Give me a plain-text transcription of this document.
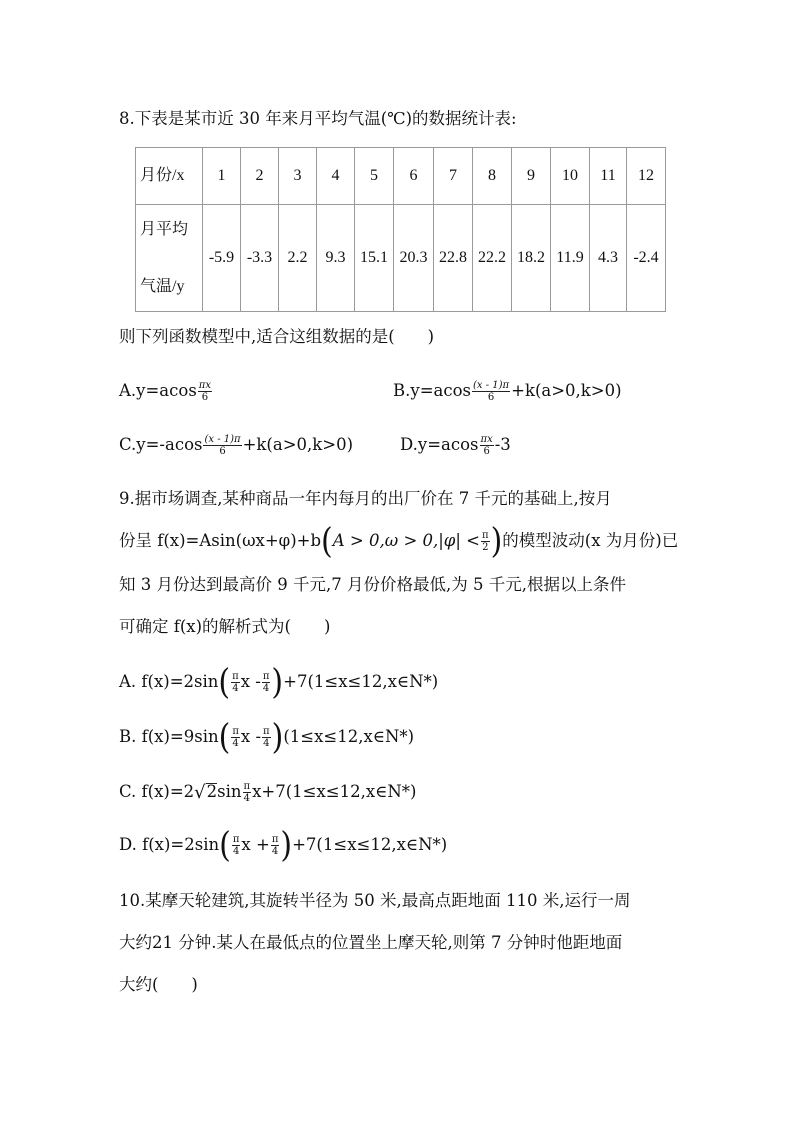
8.下表是某市近 30 年来月平均气温(℃)的数据统计表:
月份/x	1	2	3	4	5	6	7	8	9	10	11	12

月平均
气温/y	-5.9	-3.3	2.2	9.3	15.1	20.3	22.8	22.2	18.2	11.9	4.3	-2.4
则下列函数模型中,适合这组数据的是(　　)
$A.y=acos \frac{\pi x}{6}$	$B.y=acos \frac{(x - 1)\pi}{6} +k(a>0,k>0)$
$C.y=-acos \frac{(x - 1)\pi}{6} +k(a>0,k>0)$	$D.y=acos \frac{\pi x}{6} -3$
9.据市场调查,某种商品一年内每月的出厂价在 7 千元的基础上,按月
份呈 $f(x)=Asin(\omega x+\varphi)+b(A > 0,\omega > 0,|\varphi| < \frac{\pi}{2}$ )的模型波动(x 为月份)已
知 3 月份达到最高价 9 千元,7 月份价格最低,为 5 千元,根据以上条件
可确定 f(x)的解析式为(　　)
A. $f(x)=2\sin( \frac{\pi}{4}$ x - $\frac{\pi}{4}$ )+7(1≤x≤12,x∈N*)
B. $f(x)=9\sin( \frac{\pi}{4}$ x - $\frac{\pi}{4}$ )(1≤x≤12,x∈N*)
C. $f(x)=2√2\sin \frac{\pi}{4}$ x+7(1≤x≤12,x∈N*)
D. $f(x)=2\sin( \frac{\pi}{4}$ $x + \frac{\pi}{4}$ )+7(1≤x≤12,x∈N*)
10.某摩天轮建筑,其旋转半径为 50 米,最高点距地面 110 米,运行一周
大约21 分钟.某人在最低点的位置坐上摩天轮,则第 7 分钟时他距地面
大约(　　)
